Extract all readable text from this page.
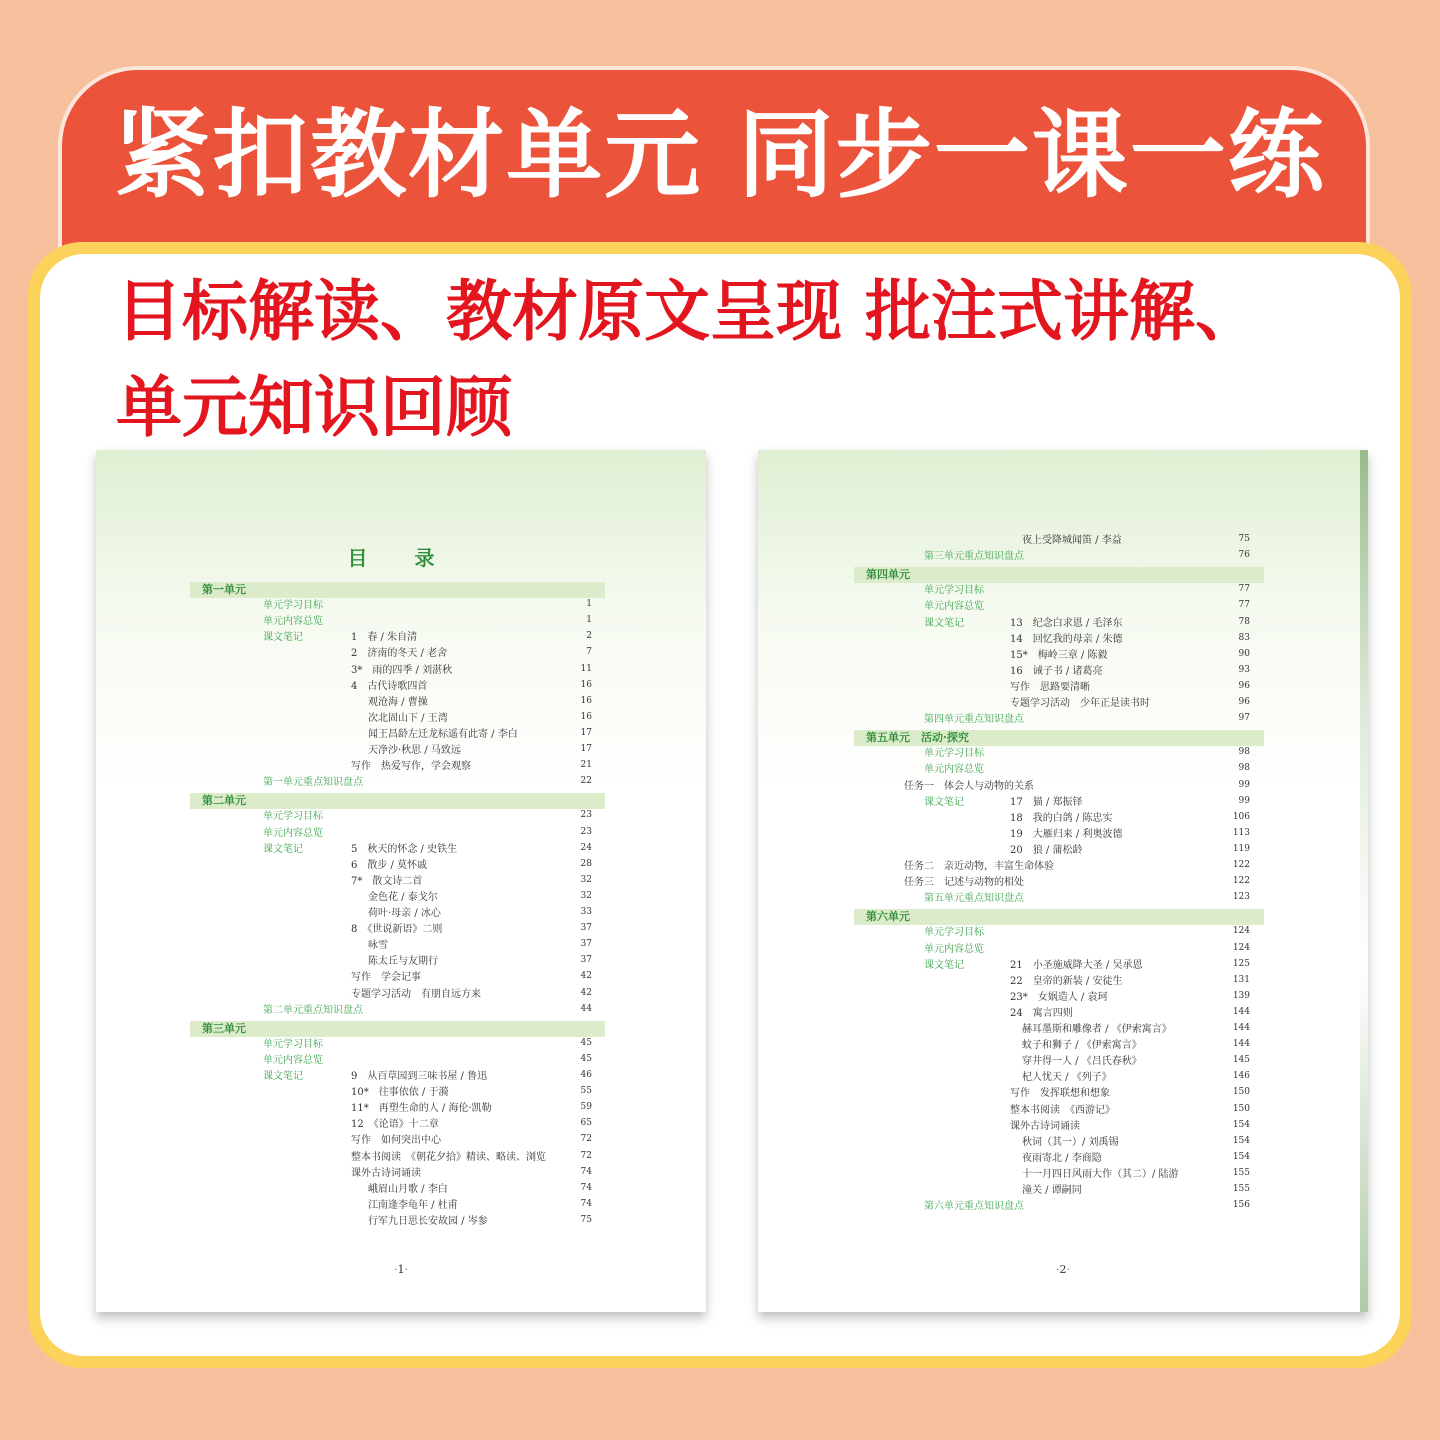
紧扣教材单元 同步一课一练
目标解读、教材原文呈现 批注式讲解、
单元知识回顾
目 录
·1·
第一单元
单元学习目标	1
单元内容总览	1
课文笔记	1　春 / 朱自清	2
2　济南的冬天 / 老舍	7
3*　雨的四季 / 刘湛秋	11
4　古代诗歌四首	16
观沧海 / 曹操	16
次北固山下 / 王湾	16
闻王昌龄左迁龙标遥有此寄 / 李白	17
天净沙·秋思 / 马致远	17
写作　热爱写作，学会观察	21
第一单元重点知识盘点	22
第二单元
单元学习目标	23
单元内容总览	23
课文笔记	5　秋天的怀念 / 史铁生	24
6　散步 / 莫怀戚	28
7*　散文诗二首	32
金色花 / 泰戈尔	32
荷叶·母亲 / 冰心	33
8　《世说新语》二则	37
咏雪	37
陈太丘与友期行	37
写作　学会记事	42
专题学习活动　有朋自远方来	42
第二单元重点知识盘点	44
第三单元
单元学习目标	45
单元内容总览	45
课文笔记	9　从百草园到三味书屋 / 鲁迅	46
10*　往事依依 / 于漪	55
11*　再塑生命的人 / 海伦·凯勒	59
12　《论语》十二章	65
写作　如何突出中心	72
整本书阅读　《朝花夕拾》精读、略读、浏览	72
课外古诗词诵读	74
峨眉山月歌 / 李白	74
江南逢李龟年 / 杜甫	74
行军九日思长安故园 / 岑参	75
·2·
夜上受降城闻笛 / 李益	75
第三单元重点知识盘点	76
第四单元
单元学习目标	77
单元内容总览	77
课文笔记	13　纪念白求恩 / 毛泽东	78
14　回忆我的母亲 / 朱德	83
15*　梅岭三章 / 陈毅	90
16　诫子书 / 诸葛亮	93
写作　思路要清晰	96
专题学习活动　少年正是读书时	96
第四单元重点知识盘点	97
第五单元　活动·探究
单元学习目标	98
单元内容总览	98
任务一　体会人与动物的关系	99
课文笔记	17　猫 / 郑振铎	99
18　我的白鸽 / 陈忠实	106
19　大雁归来 / 利奥波德	113
20　狼 / 蒲松龄	119
任务二　亲近动物，丰富生命体验	122
任务三　记述与动物的相处	122
第五单元重点知识盘点	123
第六单元
单元学习目标	124
单元内容总览	124
课文笔记	21　小圣施威降大圣 / 吴承恩	125
22　皇帝的新装 / 安徒生	131
23*　女娲造人 / 袁珂	139
24　寓言四则	144
赫耳墨斯和雕像者 / 《伊索寓言》	144
蚊子和狮子 / 《伊索寓言》	144
穿井得一人 / 《吕氏春秋》	145
杞人忧天 / 《列子》	146
写作　发挥联想和想象	150
整本书阅读　《西游记》	150
课外古诗词诵读	154
秋词（其一）/ 刘禹锡	154
夜雨寄北 / 李商隐	154
十一月四日风雨大作（其二）/ 陆游	155
潼关 / 谭嗣同	155
第六单元重点知识盘点	156
